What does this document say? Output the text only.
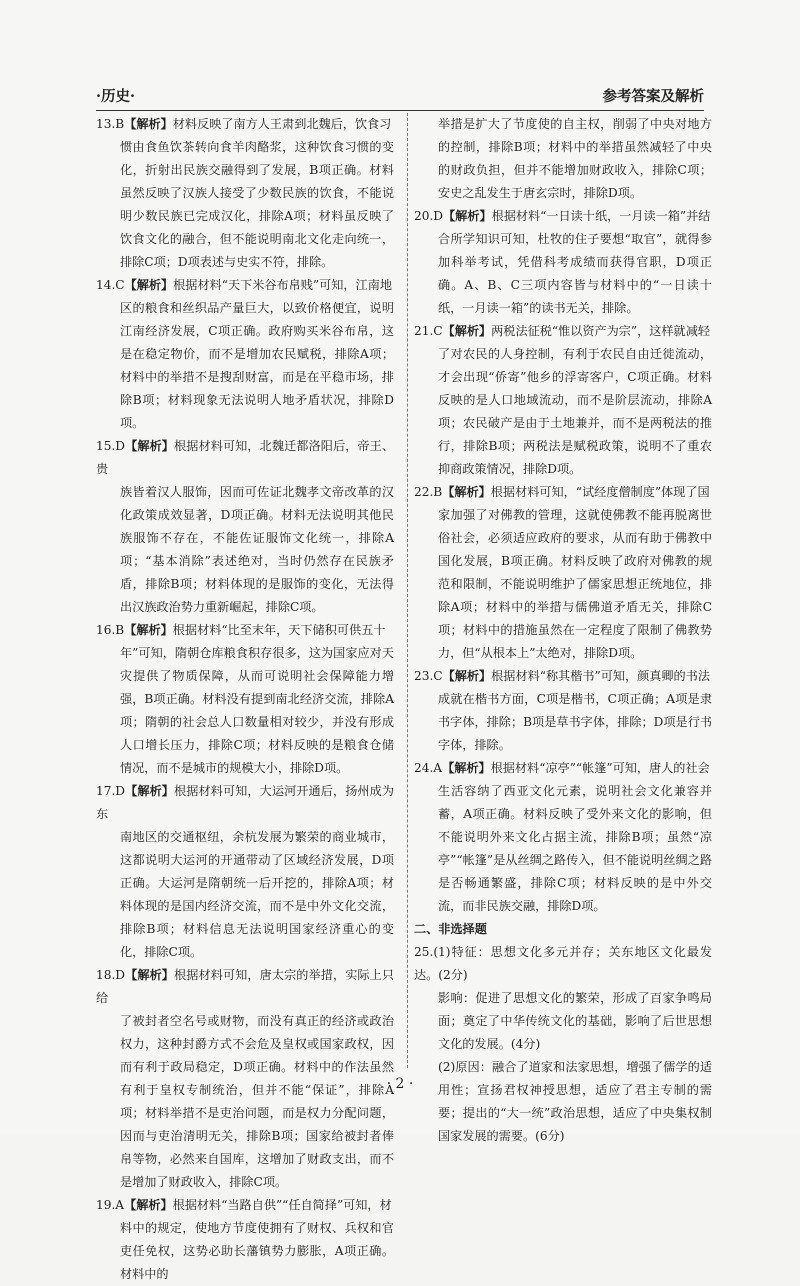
·历史·	参考答案及解析
13.B【解析】材料反映了南方人王肃到北魏后，饮食习
惯由食鱼饮茶转向食羊肉酪浆，这种饮食习惯的变化，折射出民族交融得到了发展，B项正确。材料虽然反映了汉族人接受了少数民族的饮食，不能说明少数民族已完成汉化，排除A项；材料虽反映了饮食文化的融合，但不能说明南北文化走向统一，排除C项；D项表述与史实不符，排除。
14.C【解析】根据材料“天下米谷布帛贱”可知，江南地
区的粮食和丝织品产量巨大，以致价格便宜，说明江南经济发展，C项正确。政府购买米谷布帛，这是在稳定物价，而不是增加农民赋税，排除A项；材料中的举措不是搜刮财富，而是在平稳市场，排除B项；材料现象无法说明人地矛盾状况，排除D项。
15.D【解析】根据材料可知，北魏迁都洛阳后，帝王、贵
族皆着汉人服饰，因而可佐证北魏孝文帝改革的汉化政策成效显著，D项正确。材料无法说明其他民族服饰不存在，不能佐证服饰文化统一，排除A项；“基本消除”表述绝对，当时仍然存在民族矛盾，排除B项；材料体现的是服饰的变化，无法得出汉族政治势力重新崛起，排除C项。
16.B【解析】根据材料“比至末年，天下储积可供五十
年”可知，隋朝仓库粮食积存很多，这为国家应对天灾提供了物质保障，从而可说明社会保障能力增强，B项正确。材料没有提到南北经济交流，排除A项；隋朝的社会总人口数量相对较少，并没有形成人口增长压力，排除C项；材料反映的是粮食仓储情况，而不是城市的规模大小，排除D项。
17.D【解析】根据材料可知，大运河开通后，扬州成为东
南地区的交通枢纽，余杭发展为繁荣的商业城市，这都说明大运河的开通带动了区域经济发展，D项正确。大运河是隋朝统一后开挖的，排除A项；材料体现的是国内经济交流，而不是中外文化交流，排除B项；材料信息无法说明国家经济重心的变化，排除C项。
18.D【解析】根据材料可知，唐太宗的举措，实际上只给
了被封者空名号或财物，而没有真正的经济或政治权力，这种封爵方式不会危及皇权或国家政权，因而有利于政局稳定，D项正确。材料中的作法虽然有利于皇权专制统治，但并不能“保证”，排除A项；材料举措不是吏治问题，而是权力分配问题，因而与吏治清明无关，排除B项；国家给被封者俸帛等物，必然来自国库，这增加了财政支出，而不是增加了财政收入，排除C项。
19.A【解析】根据材料“当路自供”“任自简择”可知，材
料中的规定，使地方节度使拥有了财权、兵权和官吏任免权，这势必助长藩镇势力膨胀，A项正确。材料中的
举措是扩大了节度使的自主权，削弱了中央对地方的控制，排除B项；材料中的举措虽然减轻了中央的财政负担，但并不能增加财政收入，排除C项；安史之乱发生于唐玄宗时，排除D项。
20.D【解析】根据材料“一日读十纸，一月读一箱”并结
合所学知识可知，杜牧的住子要想“取官”，就得参加科举考试，凭借科考成绩而获得官职，D项正确。A、B、C三项内容皆与材料中的“一日读十纸，一月读一箱”的读书无关，排除。
21.C【解析】两税法征税“惟以资产为宗”，这样就减轻
了对农民的人身控制，有利于农民自由迁徙流动，才会出现“侨寄”他乡的浮寄客户，C项正确。材料反映的是人口地域流动，而不是阶层流动，排除A项；农民破产是由于土地兼并，而不是两税法的推行，排除B项；两税法是赋税政策，说明不了重农抑商政策情况，排除D项。
22.B【解析】根据材料可知，“试经度僧制度”体现了国
家加强了对佛教的管理，这就使佛教不能再脱离世俗社会，必须适应政府的要求，从而有助于佛教中国化发展，B项正确。材料反映了政府对佛教的规范和限制，不能说明维护了儒家思想正统地位，排除A项；材料中的举措与儒佛道矛盾无关，排除C项；材料中的措施虽然在一定程度了限制了佛教势力，但“从根本上”太绝对，排除D项。
23.C【解析】根据材料“称其楷书”可知，颜真卿的书法
成就在楷书方面，C项是楷书，C项正确；A项是隶书字体，排除；B项是草书字体，排除；D项是行书字体，排除。
24.A【解析】根据材料“凉亭”“帐篷”可知，唐人的社会
生活容纳了西亚文化元素，说明社会文化兼容并蓄，A项正确。材料反映了受外来文化的影响，但不能说明外来文化占据主流，排除B项；虽然“凉亭”“帐篷”是从丝绸之路传入，但不能说明丝绸之路是否畅通繁盛，排除C项；材料反映的是中外交流，而非民族交融，排除D项。
二、非选择题
25.(1)特征：思想文化多元并存；关东地区文化最发达。(2分)
影响：促进了思想文化的繁荣，形成了百家争鸣局面；奠定了中华传统文化的基础，影响了后世思想文化的发展。(4分)
(2)原因：融合了道家和法家思想，增强了儒学的适用性；宣扬君权神授思想，适应了君主专制的需要；提出的“大一统”政治思想，适应了中央集权制国家发展的需要。(6分)
· 2 ·
